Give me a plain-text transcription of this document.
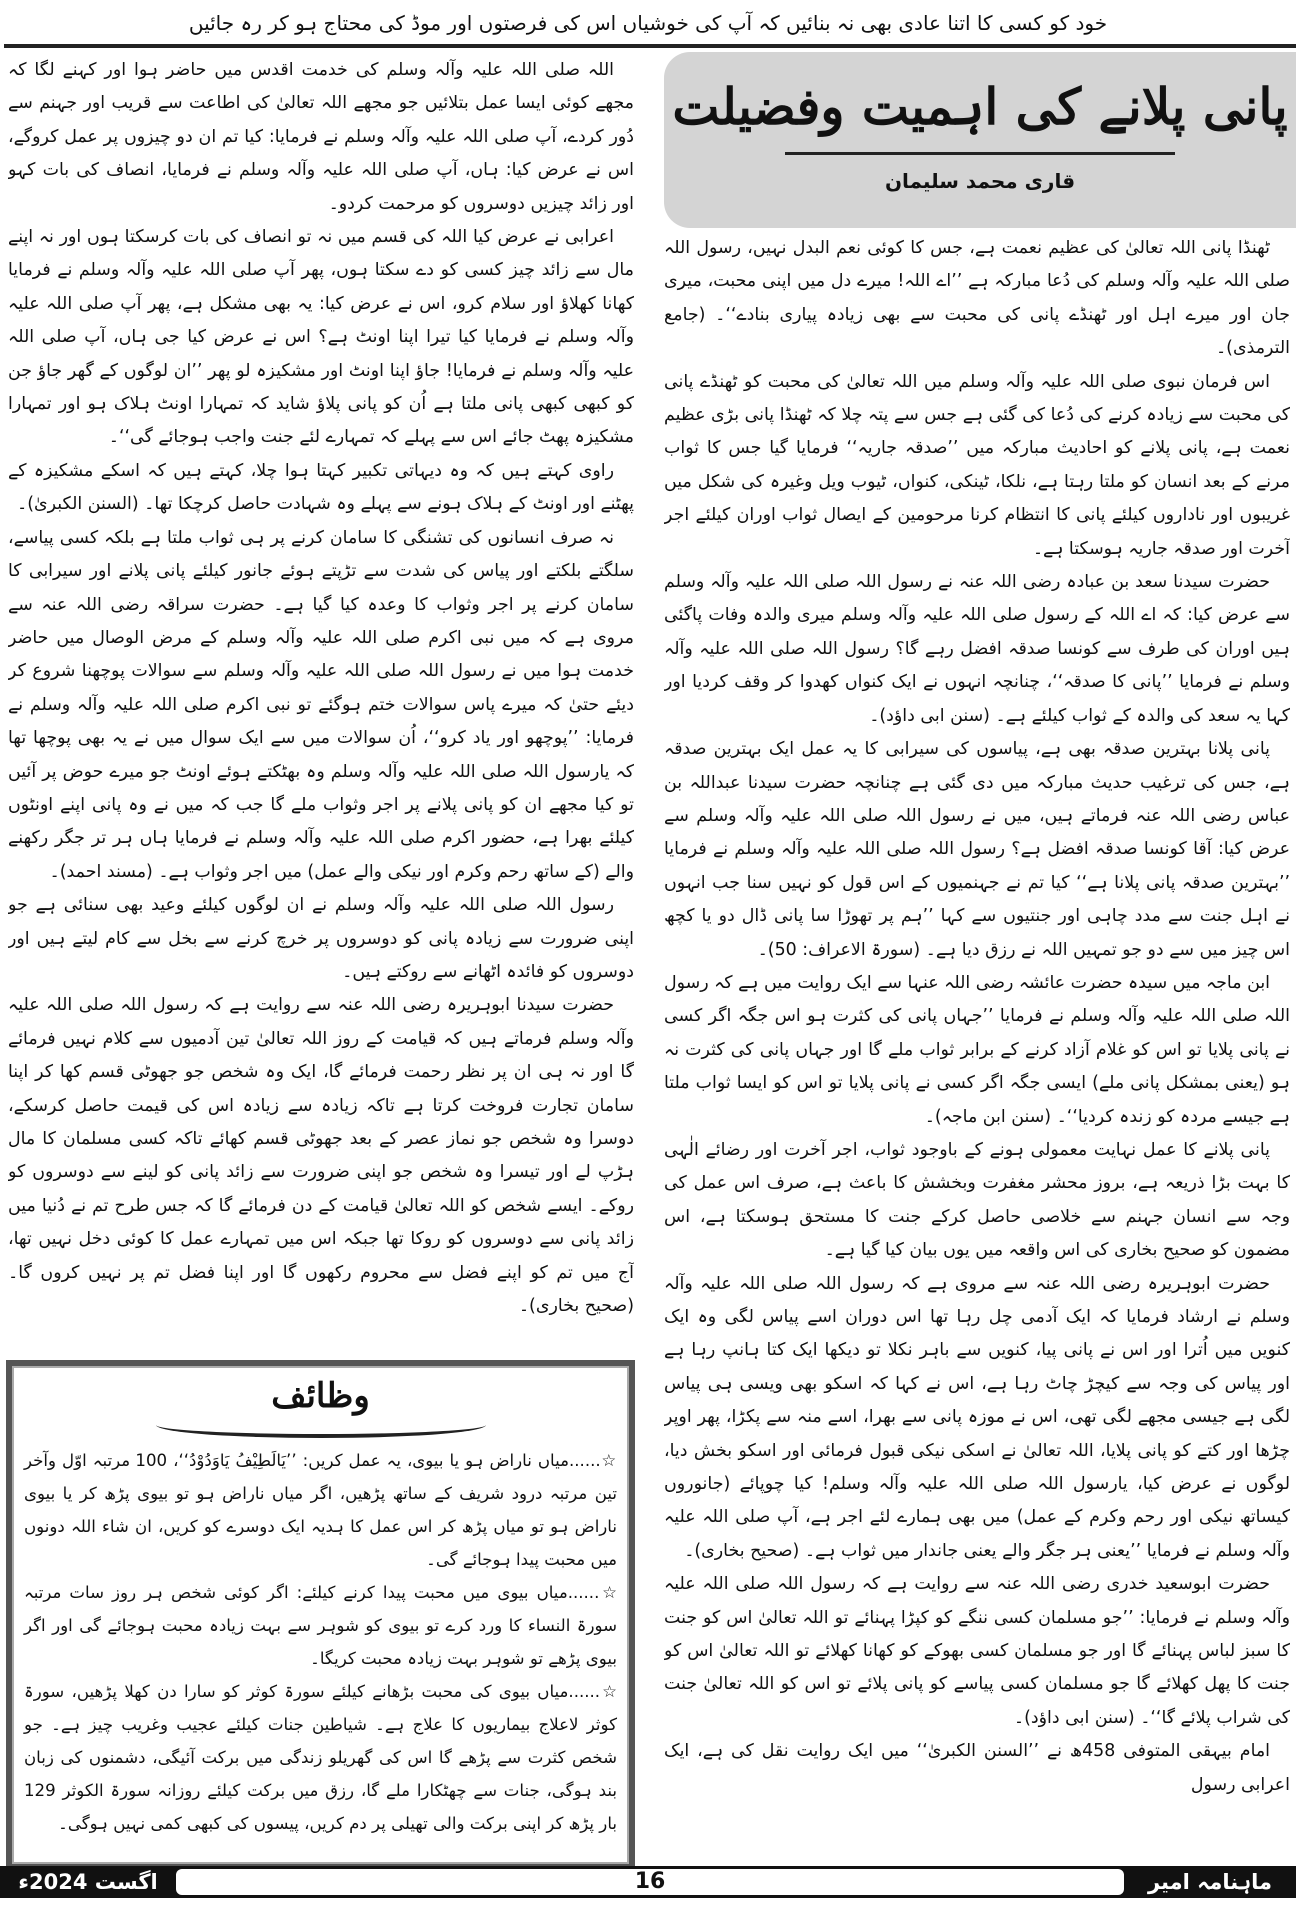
خود کو کسی کا اتنا عادی بھی نہ بنائیں کہ آپ کی خوشیاں اس کی فرصتوں اور موڈ کی محتاج ہو کر رہ جائیں
پانی پلانے کی اہمیت وفضیلت
قاری محمد سلیمان

ٹھنڈا پانی اللہ تعالیٰ کی عظیم نعمت ہے، جس کا کوئی نعم البدل نہیں، رسول اللہ صلی اللہ علیہ وآلہ وسلم کی دُعا مبارکہ ہے ’’اے اللہ! میرے دل میں اپنی محبت، میری جان اور میرے اہل اور ٹھنڈے پانی کی محبت سے بھی زیادہ پیاری بنادے‘‘۔ (جامع الترمذی)۔

اس فرمان نبوی صلی اللہ علیہ وآلہ وسلم میں اللہ تعالیٰ کی محبت کو ٹھنڈے پانی کی محبت سے زیادہ کرنے کی دُعا کی گئی ہے جس سے پتہ چلا کہ ٹھنڈا پانی بڑی عظیم نعمت ہے، پانی پلانے کو احادیث مبارکہ میں ’’صدقہ جاریہ‘‘ فرمایا گیا جس کا ثواب مرنے کے بعد انسان کو ملتا رہتا ہے، نلکا، ٹینکی، کنواں، ٹیوب ویل وغیرہ کی شکل میں غریبوں اور ناداروں کیلئے پانی کا انتظام کرنا مرحومین کے ایصال ثواب اوران کیلئے اجر آخرت اور صدقہ جاریہ ہوسکتا ہے۔

حضرت سیدنا سعد بن عبادہ رضی اللہ عنہ نے رسول اللہ صلی اللہ علیہ وآلہ وسلم سے عرض کیا: کہ اے اللہ کے رسول صلی اللہ علیہ وآلہ وسلم میری والدہ وفات پاگئی ہیں اوران کی طرف سے کونسا صدقہ افضل رہے گا؟ رسول اللہ صلی اللہ علیہ وآلہ وسلم نے فرمایا ’’پانی کا صدقہ‘‘، چنانچہ انہوں نے ایک کنواں کھدوا کر وقف کردیا اور کہا یہ سعد کی والدہ کے ثواب کیلئے ہے۔ (سنن ابی داؤد)۔

پانی پلانا بہترین صدقہ بھی ہے، پیاسوں کی سیرابی کا یہ عمل ایک بہترین صدقہ ہے، جس کی ترغیب حدیث مبارکہ میں دی گئی ہے چنانچہ حضرت سیدنا عبداللہ بن عباس رضی اللہ عنہ فرماتے ہیں، میں نے رسول اللہ صلی اللہ علیہ وآلہ وسلم سے عرض کیا: آقا کونسا صدقہ افضل ہے؟ رسول اللہ صلی اللہ علیہ وآلہ وسلم نے فرمایا ’’بہترین صدقہ پانی پلانا ہے‘‘ کیا تم نے جہنمیوں کے اس قول کو نہیں سنا جب انہوں نے اہل جنت سے مدد چاہی اور جنتیوں سے کہا ’’ہم پر تھوڑا سا پانی ڈال دو یا کچھ اس چیز میں سے دو جو تمہیں اللہ نے رزق دیا ہے۔ (سورۃ الاعراف: 50)۔

ابن ماجہ میں سیدہ حضرت عائشہ رضی اللہ عنہا سے ایک روایت میں ہے کہ رسول اللہ صلی اللہ علیہ وآلہ وسلم نے فرمایا ’’جہاں پانی کی کثرت ہو اس جگہ اگر کسی نے پانی پلایا تو اس کو غلام آزاد کرنے کے برابر ثواب ملے گا اور جہاں پانی کی کثرت نہ ہو (یعنی بمشکل پانی ملے) ایسی جگہ اگر کسی نے پانی پلایا تو اس کو ایسا ثواب ملتا ہے جیسے مردہ کو زندہ کردیا‘‘۔ (سنن ابن ماجہ)۔

پانی پلانے کا عمل نہایت معمولی ہونے کے باوجود ثواب، اجر آخرت اور رضائے الٰہی کا بہت بڑا ذریعہ ہے، بروز محشر مغفرت وبخشش کا باعث ہے، صرف اس عمل کی وجہ سے انسان جہنم سے خلاصی حاصل کرکے جنت کا مستحق ہوسکتا ہے، اس مضمون کو صحیح بخاری کی اس واقعہ میں یوں بیان کیا گیا ہے۔

حضرت ابوہریرہ رضی اللہ عنہ سے مروی ہے کہ رسول اللہ صلی اللہ علیہ وآلہ وسلم نے ارشاد فرمایا کہ ایک آدمی چل رہا تھا اس دوران اسے پیاس لگی وہ ایک کنویں میں اُترا اور اس نے پانی پیا، کنویں سے باہر نکلا تو دیکھا ایک کتا ہانپ رہا ہے اور پیاس کی وجہ سے کیچڑ چاٹ رہا ہے، اس نے کہا کہ اسکو بھی ویسی ہی پیاس لگی ہے جیسی مجھے لگی تھی، اس نے موزہ پانی سے بھرا، اسے منہ سے پکڑا، پھر اوپر چڑھا اور کتے کو پانی پلایا، اللہ تعالیٰ نے اسکی نیکی قبول فرمائی اور اسکو بخش دیا، لوگوں نے عرض کیا، یارسول اللہ صلی اللہ علیہ وآلہ وسلم! کیا چوپائے (جانوروں کیساتھ نیکی اور رحم وکرم کے عمل) میں بھی ہمارے لئے اجر ہے، آپ صلی اللہ علیہ وآلہ وسلم نے فرمایا ’’یعنی ہر جگر والے یعنی جاندار میں ثواب ہے۔ (صحیح بخاری)۔

حضرت ابوسعید خدری رضی اللہ عنہ سے روایت ہے کہ رسول اللہ صلی اللہ علیہ وآلہ وسلم نے فرمایا: ’’جو مسلمان کسی ننگے کو کپڑا پہنائے تو اللہ تعالیٰ اس کو جنت کا سبز لباس پہنائے گا اور جو مسلمان کسی بھوکے کو کھانا کھلائے تو اللہ تعالیٰ اس کو جنت کا پھل کھلائے گا جو مسلمان کسی پیاسے کو پانی پلائے تو اس کو اللہ تعالیٰ جنت کی شراب پلائے گا‘‘۔ (سنن ابی داؤد)۔

امام بیہقی المتوفی 458ھ نے ’’السنن الکبریٰ‘‘ میں ایک روایت نقل کی ہے، ایک اعرابی رسول

اللہ صلی اللہ علیہ وآلہ وسلم کی خدمت اقدس میں حاضر ہوا اور کہنے لگا کہ مجھے کوئی ایسا عمل بتلائیں جو مجھے اللہ تعالیٰ کی اطاعت سے قریب اور جہنم سے دُور کردے، آپ صلی اللہ علیہ وآلہ وسلم نے فرمایا: کیا تم ان دو چیزوں پر عمل کروگے، اس نے عرض کیا: ہاں، آپ صلی اللہ علیہ وآلہ وسلم نے فرمایا، انصاف کی بات کہو اور زائد چیزیں دوسروں کو مرحمت کردو۔

اعرابی نے عرض کیا اللہ کی قسم میں نہ تو انصاف کی بات کرسکتا ہوں اور نہ اپنے مال سے زائد چیز کسی کو دے سکتا ہوں، پھر آپ صلی اللہ علیہ وآلہ وسلم نے فرمایا کھانا کھلاؤ اور سلام کرو، اس نے عرض کیا: یہ بھی مشکل ہے، پھر آپ صلی اللہ علیہ وآلہ وسلم نے فرمایا کیا تیرا اپنا اونٹ ہے؟ اس نے عرض کیا جی ہاں، آپ صلی اللہ علیہ وآلہ وسلم نے فرمایا! جاؤ اپنا اونٹ اور مشکیزہ لو پھر ’’ان لوگوں کے گھر جاؤ جن کو کبھی کبھی پانی ملتا ہے اُن کو پانی پلاؤ شاید کہ تمہارا اونٹ ہلاک ہو اور تمہارا مشکیزہ پھٹ جائے اس سے پہلے کہ تمہارے لئے جنت واجب ہوجائے گی‘‘۔

راوی کہتے ہیں کہ وہ دیہاتی تکبیر کہتا ہوا چلا، کہتے ہیں کہ اسکے مشکیزہ کے پھٹنے اور اونٹ کے ہلاک ہونے سے پہلے وہ شہادت حاصل کرچکا تھا۔ (السنن الکبریٰ)۔

نہ صرف انسانوں کی تشنگی کا سامان کرنے پر ہی ثواب ملتا ہے بلکہ کسی پیاسے، سلگتے بلکتے اور پیاس کی شدت سے تڑپتے ہوئے جانور کیلئے پانی پلانے اور سیرابی کا سامان کرنے پر اجر وثواب کا وعدہ کیا گیا ہے۔ حضرت سراقہ رضی اللہ عنہ سے مروی ہے کہ میں نبی اکرم صلی اللہ علیہ وآلہ وسلم کے مرض الوصال میں حاضر خدمت ہوا میں نے رسول اللہ صلی اللہ علیہ وآلہ وسلم سے سوالات پوچھنا شروع کر دیئے حتیٰ کہ میرے پاس سوالات ختم ہوگئے تو نبی اکرم صلی اللہ علیہ وآلہ وسلم نے فرمایا: ’’پوچھو اور یاد کرو‘‘، اُن سوالات میں سے ایک سوال میں نے یہ بھی پوچھا تھا کہ یارسول اللہ صلی اللہ علیہ وآلہ وسلم وہ بھٹکتے ہوئے اونٹ جو میرے حوض پر آئیں تو کیا مجھے ان کو پانی پلانے پر اجر وثواب ملے گا جب کہ میں نے وہ پانی اپنے اونٹوں کیلئے بھرا ہے، حضور اکرم صلی اللہ علیہ وآلہ وسلم نے فرمایا ہاں ہر تر جگر رکھنے والے (کے ساتھ رحم وکرم اور نیکی والے عمل) میں اجر وثواب ہے۔ (مسند احمد)۔

رسول اللہ صلی اللہ علیہ وآلہ وسلم نے ان لوگوں کیلئے وعید بھی سنائی ہے جو اپنی ضرورت سے زیادہ پانی کو دوسروں پر خرچ کرنے سے بخل سے کام لیتے ہیں اور دوسروں کو فائدہ اٹھانے سے روکتے ہیں۔

حضرت سیدنا ابوہریرہ رضی اللہ عنہ سے روایت ہے کہ رسول اللہ صلی اللہ علیہ وآلہ وسلم فرماتے ہیں کہ قیامت کے روز اللہ تعالیٰ تین آدمیوں سے کلام نہیں فرمائے گا اور نہ ہی ان پر نظر رحمت فرمائے گا، ایک وہ شخص جو جھوٹی قسم کھا کر اپنا سامان تجارت فروخت کرتا ہے تاکہ زیادہ سے زیادہ اس کی قیمت حاصل کرسکے، دوسرا وہ شخص جو نماز عصر کے بعد جھوٹی قسم کھائے تاکہ کسی مسلمان کا مال ہڑپ لے اور تیسرا وہ شخص جو اپنی ضرورت سے زائد پانی کو لینے سے دوسروں کو روکے۔ ایسے شخص کو اللہ تعالیٰ قیامت کے دن فرمائے گا کہ جس طرح تم نے دُنیا میں زائد پانی سے دوسروں کو روکا تھا جبکہ اس میں تمہارے عمل کا کوئی دخل نہیں تھا، آج میں تم کو اپنے فضل سے محروم رکھوں گا اور اپنا فضل تم پر نہیں کروں گا۔ (صحیح بخاری)۔

وظائف

☆......میاں ناراض ہو یا بیوی، یہ عمل کریں: ’’یَالَطِیْفُ یَاوَدُوْدُ‘‘، 100 مرتبہ اوّل وآخر تین مرتبہ درود شریف کے ساتھ پڑھیں، اگر میاں ناراض ہو تو بیوی پڑھ کر یا بیوی ناراض ہو تو میاں پڑھ کر اس عمل کا ہدیہ ایک دوسرے کو کریں، ان شاء اللہ دونوں میں محبت پیدا ہوجائے گی۔

☆......میاں بیوی میں محبت پیدا کرنے کیلئے: اگر کوئی شخص ہر روز سات مرتبہ سورۃ النساء کا ورد کرے تو بیوی کو شوہر سے بہت زیادہ محبت ہوجائے گی اور اگر بیوی پڑھے تو شوہر بہت زیادہ محبت کریگا۔

☆......میاں بیوی کی محبت بڑھانے کیلئے سورۃ کوثر کو سارا دن کھلا پڑھیں، سورۃ کوثر لاعلاج بیماریوں کا علاج ہے۔ شیاطین جنات کیلئے عجیب وغریب چیز ہے۔ جو شخص کثرت سے پڑھے گا اس کی گھریلو زندگی میں برکت آئیگی، دشمنوں کی زبان بند ہوگی، جنات سے چھٹکارا ملے گا، رزق میں برکت کیلئے روزانہ سورۃ الکوثر 129 بار پڑھ کر اپنی برکت والی تھیلی پر دم کریں، پیسوں کی کبھی کمی نہیں ہوگی۔

اگست 2024ء	16	ماہنامہ امیر ملت
